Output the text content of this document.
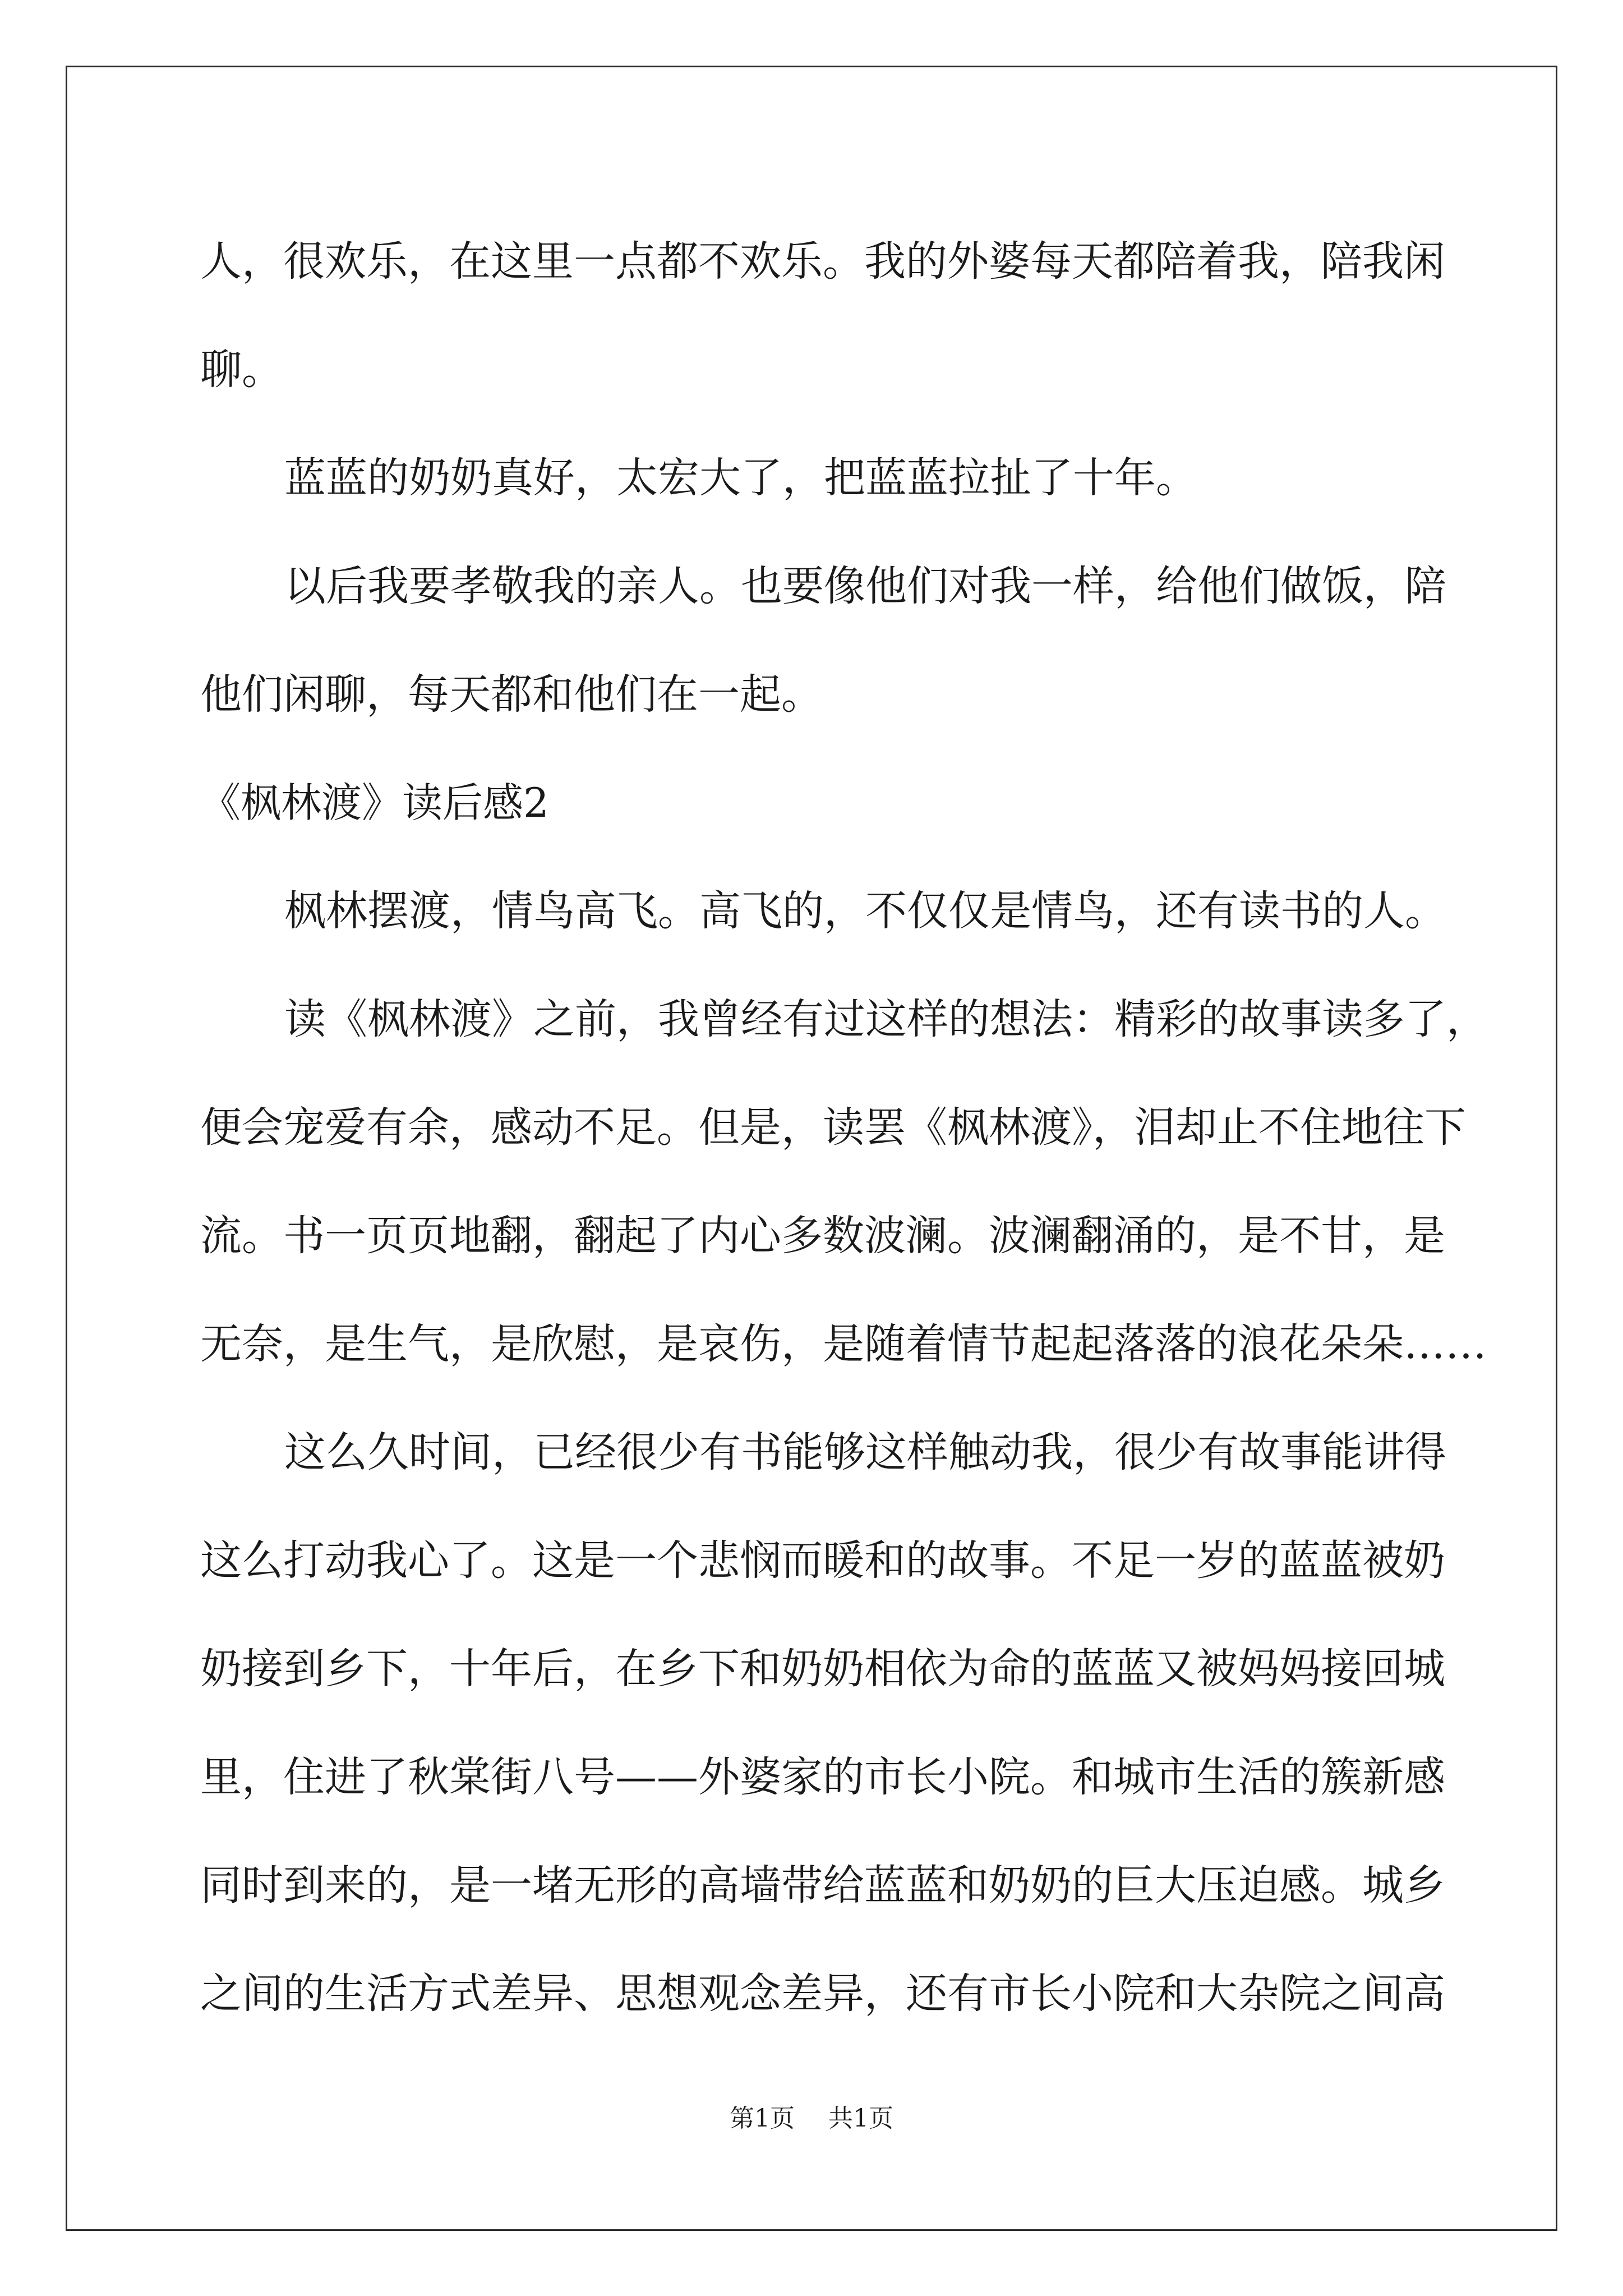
人，很欢乐，在这里一点都不欢乐。我的外婆每天都陪着我，陪我闲
聊。
蓝蓝的奶奶真好，太宏大了，把蓝蓝拉扯了十年。
以后我要孝敬我的亲人。也要像他们对我一样，给他们做饭，陪
他们闲聊，每天都和他们在一起。
《枫林渡》读后感2
枫林摆渡，情鸟高飞。高飞的，不仅仅是情鸟，还有读书的人。
读《枫林渡》之前，我曾经有过这样的想法：精彩的故事读多了，
便会宠爱有余，感动不足。但是，读罢《枫林渡》，泪却止不住地往下
流。书一页页地翻，翻起了内心多数波澜。波澜翻涌的，是不甘，是
无奈，是生气，是欣慰，是哀伤，是随着情节起起落落的浪花朵朵……
这么久时间，已经很少有书能够这样触动我，很少有故事能讲得
这么打动我心了。这是一个悲悯而暖和的故事。不足一岁的蓝蓝被奶
奶接到乡下，十年后，在乡下和奶奶相依为命的蓝蓝又被妈妈接回城
里，住进了秋棠街八号——外婆家的市长小院。和城市生活的簇新感
同时到来的，是一堵无形的高墙带给蓝蓝和奶奶的巨大压迫感。城乡
之间的生活方式差异、思想观念差异，还有市长小院和大杂院之间高
第1页 共1页
